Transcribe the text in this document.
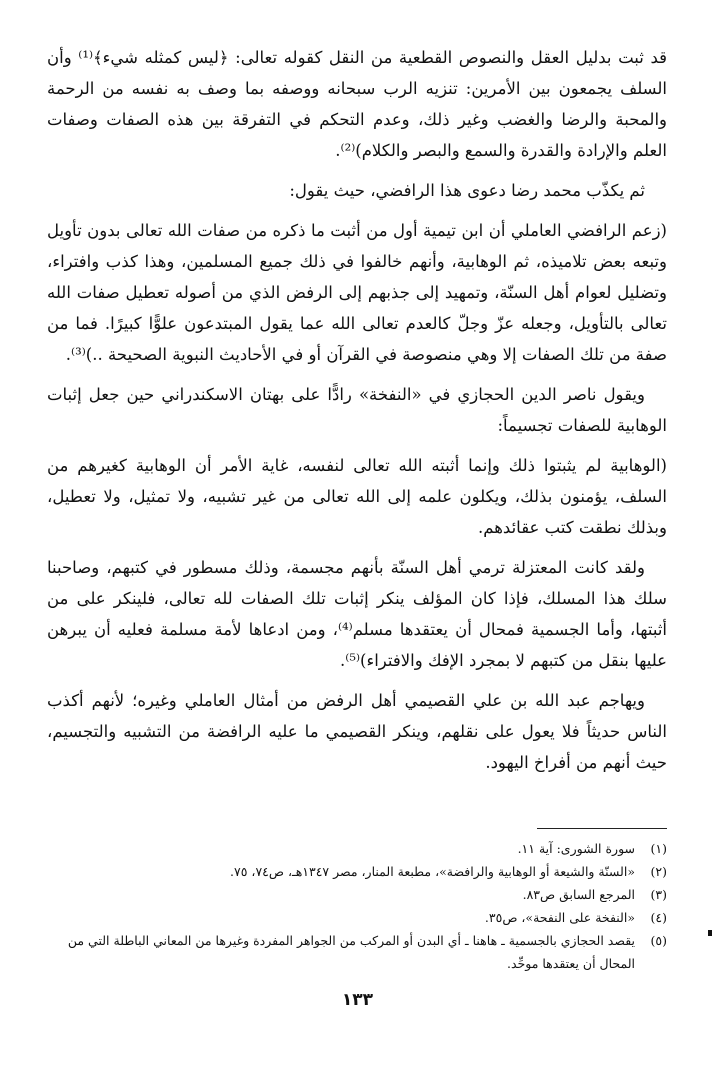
قد ثبت بدليل العقل والنصوص القطعية من النقل كقوله تعالى: ﴿ليس كمثله شيء﴾⁽¹⁾ وأن السلف يجمعون بين الأمرين: تنزيه الرب سبحانه ووصفه بما وصف به نفسه من الرحمة والمحبة والرضا والغضب وغير ذلك، وعدم التحكم في التفرقة بين هذه الصفات وصفات العلم والإرادة والقدرة والسمع والبصر والكلام)⁽²⁾.

ثم يكذّب محمد رضا دعوى هذا الرافضي، حيث يقول:

(زعم الرافضي العاملي أن ابن تيمية أول من أثبت ما ذكره من صفات الله تعالى بدون تأويل وتبعه بعض تلاميذه، ثم الوهابية، وأنهم خالفوا في ذلك جميع المسلمين، وهذا كذب وافتراء، وتضليل لعوام أهل السنّة، وتمهيد إلى جذبهم إلى الرفض الذي من أصوله تعطيل صفات الله تعالى بالتأويل، وجعله عزّ وجلّ كالعدم تعالى الله عما يقول المبتدعون علوًّا كبيرًا. فما من صفة من تلك الصفات إلا وهي منصوصة في القرآن أو في الأحاديث النبوية الصحيحة ..)⁽³⁾.

ويقول ناصر الدين الحجازي في «النفخة» رادًّا على بهتان الاسكندراني حين جعل إثبات الوهابية للصفات تجسيماً:

(الوهابية لم يثبتوا ذلك وإنما أثبته الله تعالى لنفسه، غاية الأمر أن الوهابية كغيرهم من السلف، يؤمنون بذلك، ويكلون علمه إلى الله تعالى من غير تشبيه، ولا تمثيل، ولا تعطيل، وبذلك نطقت كتب عقائدهم.

ولقد كانت المعتزلة ترمي أهل السنّة بأنهم مجسمة، وذلك مسطور في كتبهم، وصاحبنا سلك هذا المسلك، فإذا كان المؤلف ينكر إثبات تلك الصفات لله تعالى، فلينكر على من أثبتها، وأما الجسمية فمحال أن يعتقدها مسلم⁽⁴⁾، ومن ادعاها لأمة مسلمة فعليه أن يبرهن عليها بنقل من كتبهم لا بمجرد الإفك والافتراء)⁽⁵⁾.

ويهاجم عبد الله بن علي القصيمي أهل الرفض من أمثال العاملي وغيره؛ لأنهم أكذب الناس حديثاً فلا يعول على نقلهم، وينكر القصيمي ما عليه الرافضة من التشبيه والتجسيم، حيث أنهم من أفراخ اليهود.

(١)
سورة الشورى: آية ١١.
(٢)
«السنّة والشيعة أو الوهابية والرافضة»، مطبعة المنار، مصر ١٣٤٧هـ، ص٧٤، ٧٥.
(٣)
المرجع السابق ص٨٣.
(٤)
«النفخة على النفحة»، ص٣٥.
(٥)
يقصد الحجازي بالجسمية ـ هاهنا ـ أي البدن أو المركب من الجواهر المفردة وغيرها من المعاني الباطلة التي من المحال أن يعتقدها موحِّد.
١٣٣
